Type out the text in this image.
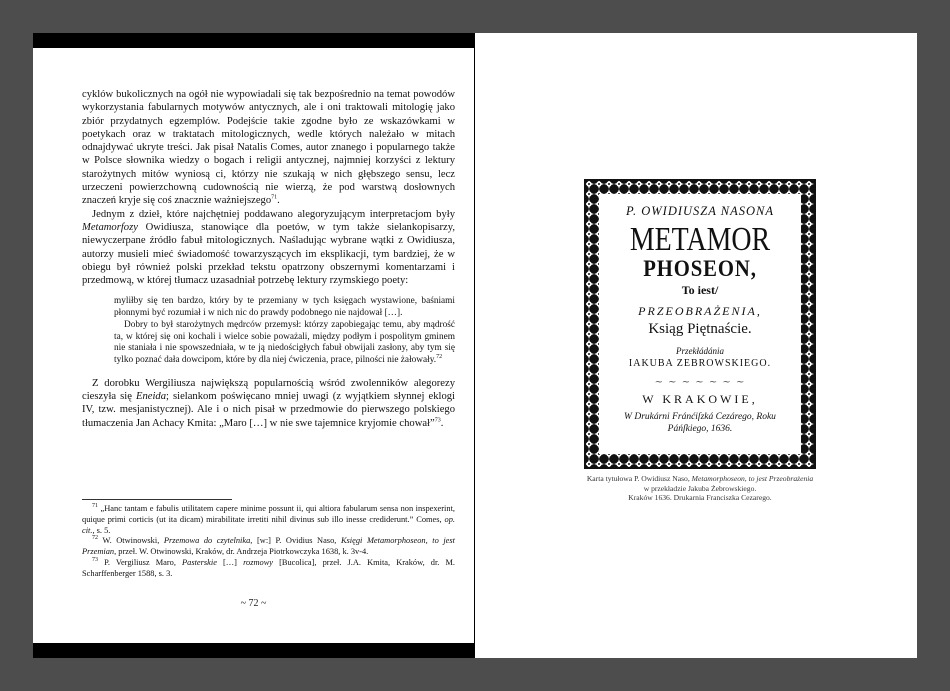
cyklów bukolicznych na ogół nie wypowiadali się tak bezpośrednio na temat powodów wykorzystania fabularnych motywów antycznych, ale i oni traktowali mitologię jako zbiór przydatnych egzemplów. Podejście takie zgodne było ze wskazówkami w poetykach oraz w traktatach mitologicznych, wedle których należało w mitach odnajdywać ukryte treści. Jak pisał Natalis Comes, autor znanego i popularnego także w Polsce słownika wiedzy o bogach i religii antycznej, najmniej korzyści z lektury starożytnych mitów wyniosą ci, którzy nie szukają w nich głębszego sensu, lecz urzeczeni powierzchowną cudownością nie wierzą, że pod warstwą dosłownych znaczeń kryje się coś znacznie ważniejszego$^{71}$.

Jednym z dzieł, które najchętniej poddawano alegoryzującym interpretacjom były Metamorfozy Owidiusza, stanowiące dla poetów, w tym także sielankopisarzy, niewyczerpane źródło fabuł mitologicznych. Naśladując wybrane wątki z Owidiusza, autorzy musieli mieć świadomość towarzyszących im eksplikacji, tym bardziej, że w obiegu był również polski przekład tekstu opatrzony obszernymi komentarzami i przedmową, w której tłumacz uzasadniał potrzebę lektury rzymskiego poety:

myliłby się ten bardzo, który by te przemiany w tych księgach wystawione, baśniami płonnymi być rozumiał i w nich nic do prawdy podobnego nie najdował […].

Dobry to był starożytnych mędrców przemysł: którzy zapobiegając temu, aby mądrość ta, w której się oni kochali i wielce sobie poważali, między podłym i pospolitym gminem nie staniała i nie spowszedniała, w te ją niedościgłych fabuł obwijali zasłony, aby tym się tylko poznać dała dowcipom, które by dla niej ćwiczenia, prace, pilności nie żałowały.$^{72}$

Z dorobku Wergiliusza największą popularnością wśród zwolenników alegorezy cieszyła się Eneida; sielankom poświęcano mniej uwagi (z wyjątkiem słynnej eklogi IV, tzw. mesjanistycznej). Ale i o nich pisał w przedmowie do pierwszego polskiego tłumaczenia Jan Achacy Kmita: „Maro […] w nie swe tajemnice kryjomie chował”$^{73}$.

$^{71}$ „Hanc tantam e fabulis utilitatem capere minime possunt ii, qui altiora fabularum sensa non inspexerint, quique primi corticis (ut ita dicam) mirabilitate irretiti nihil divinus sub illo inesse crediderunt.” Comes, op. cit., s. 5.

$^{72}$ W. Otwinowski, Przemowa do czytelnika, [w:] P. Ovidius Naso, Księgi Metamorphoseon, to jest Przemian, przeł. W. Otwinowski, Kraków, dr. Andrzeja Piotrkowczyka 1638, k. 3v-4.

$^{73}$ P. Vergiliusz Maro, Pasterskie […] rozmowy [Bucolica], przeł. J.A. Kmita, Kraków, dr. M. Scharffenberger 1588, s. 3.

~ 72 ~
P. OWIDIUSZA NASONA
METAMOR
PHOSEON,
To iest/
PRZEOBRAŻENIA,
Ksiąg Piętnaście.
Przekłádánia
IAKUBA ZEBROWSKIEGO.
~ ~ ~ ~ ~ ~ ~
W KRAKOWIE,
W Drukárni Fránćiſzká Cezárego, Roku
Páńſkiego, 1636.

Karta tytułowa P. Owidiusz Naso, Metamorphoseon, to jest Przeobrażenia

w przekładzie Jakuba Żebrowskiego.

Kraków 1636. Drukarnia Franciszka Cezarego.
